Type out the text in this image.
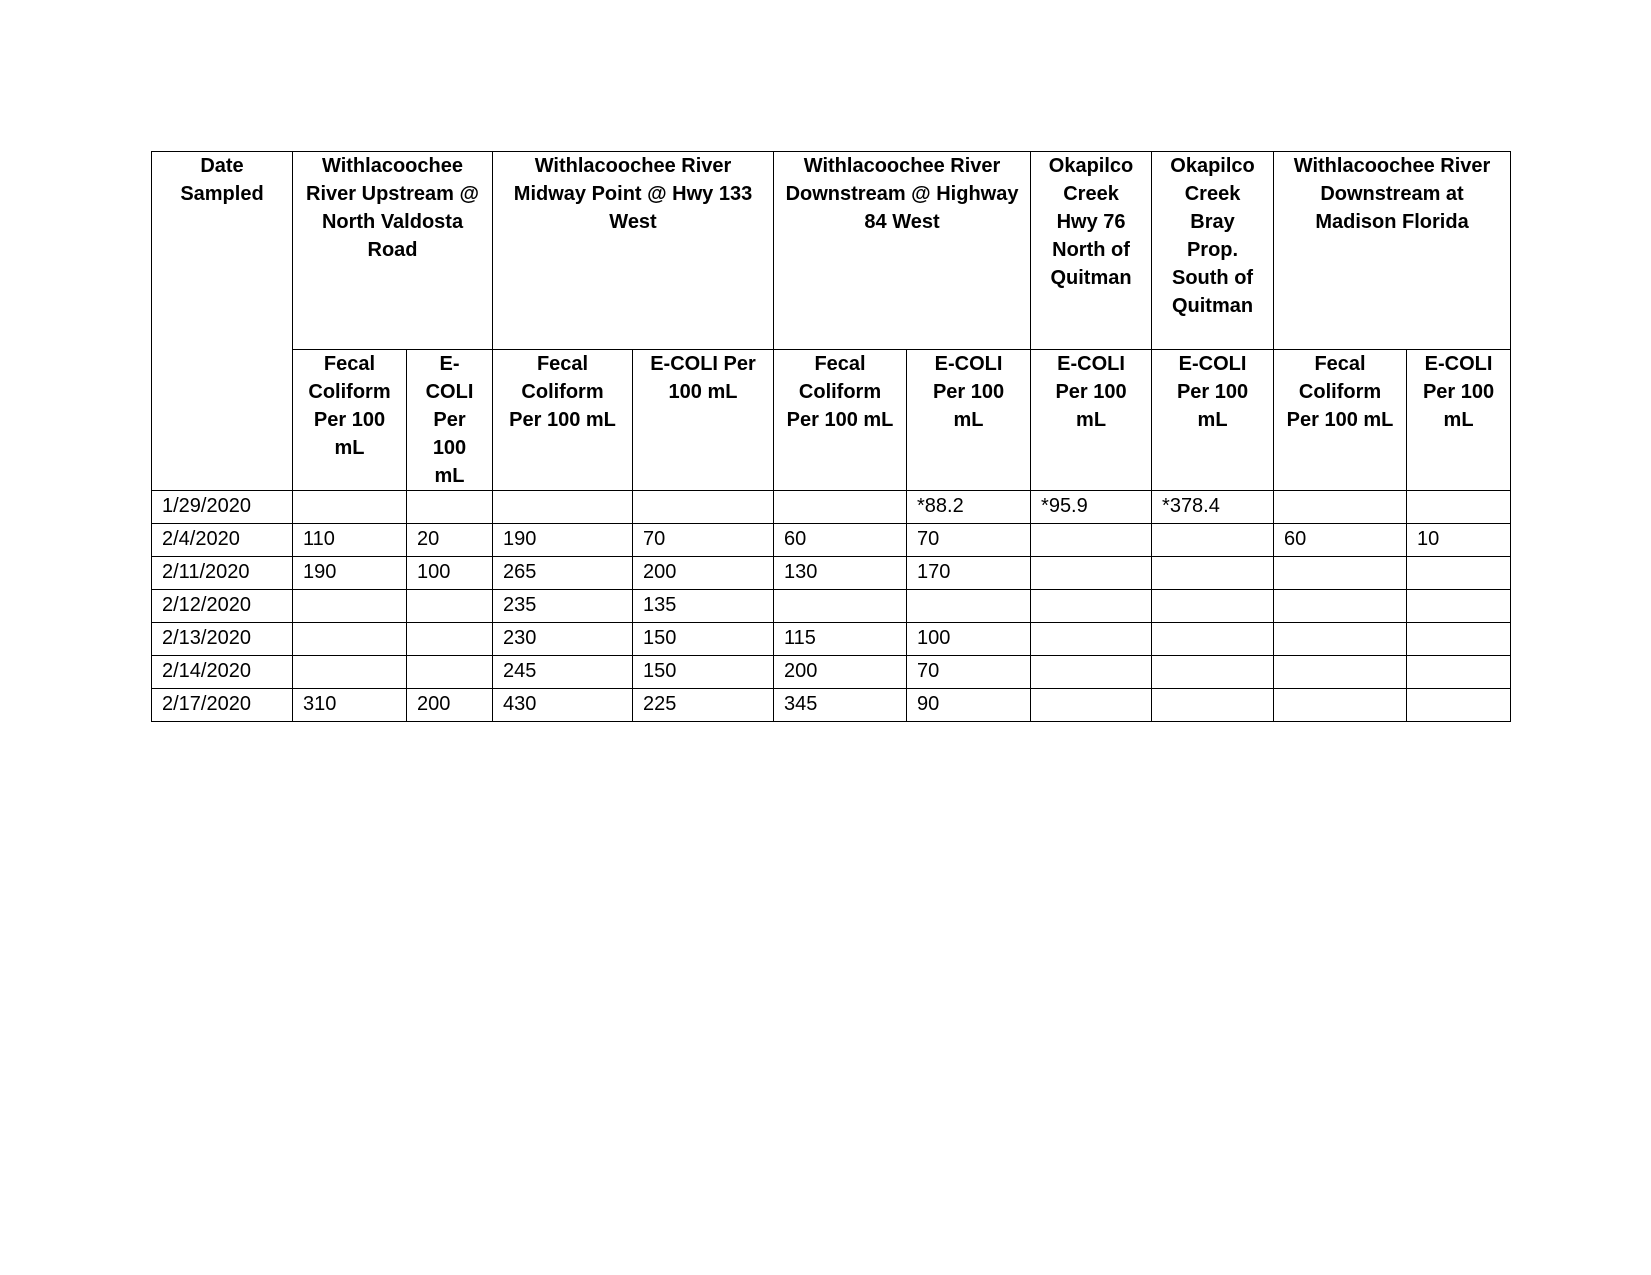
Date Sampled	Withlacoochee River Upstream @ North Valdosta Road		Withlacoochee River Midway Point @ Hwy 133 West		Withlacoochee River Downstream @ Highway 84 West		Okapilco Creek Hwy 76 North of Quitman	Okapilco Creek Bray Prop. South of Quitman	Withlacoochee River Downstream at Madison Florida	
	Fecal Coliform Per 100 mL	E-COLI Per 100 mL	Fecal Coliform Per 100 mL	E-COLI Per 100 mL	Fecal Coliform Per 100 mL	E-COLI Per 100 mL	E-COLI Per 100 mL	E-COLI Per 100 mL	Fecal Coliform Per 100 mL	E-COLI Per 100 mL
1/29/2020						*88.2	*95.9	*378.4		
2/4/2020	110	20	190	70	60	70			60	10
2/11/2020	190	100	265	200	130	170				
2/12/2020			235	135						
2/13/2020			230	150	115	100				
2/14/2020			245	150	200	70				
2/17/2020	310	200	430	225	345	90				
